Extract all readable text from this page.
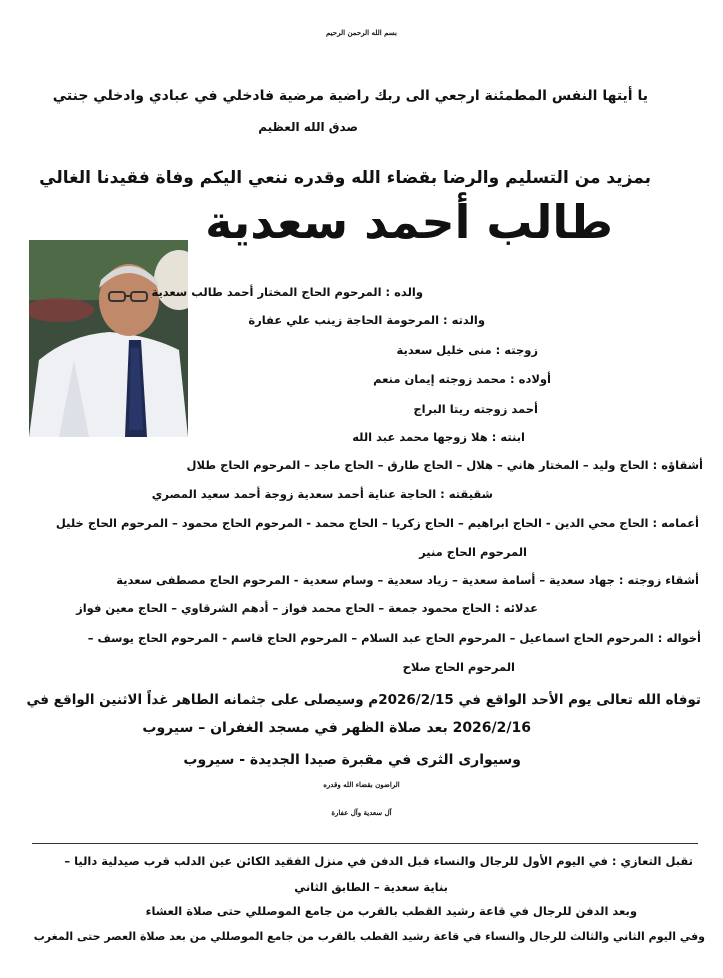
بسم الله الرحمن الرحيم
يا أيتها النفس المطمئنة ارجعي الى ربك راضية مرضية فادخلي في عبادي وادخلي جنتي
صدق الله العظيم
بمزيد من التسليم والرضا بقضاء الله وقدره ننعي اليكم وفاة فقيدنا الغالي
طالب أحمد سعدية
والده : المرحوم الحاج المختار أحمد طالب سعدية
والدته : المرحومة الحاجة زينب علي عفارة
زوجته : منى خليل سعدية
أولاده : محمد زوجته إيمان منعم
أحمد زوجته ريتا البراج
ابنته : هلا زوجها محمد عبد الله
أشقاؤه : الحاج وليد – المختار هاني – هلال – الحاج طارق – الحاج ماجد – المرحوم الحاج طلال
شقيقته : الحاجة عناية أحمد سعدية زوجة أحمد سعيد المصري
أعمامه : الحاج محي الدين - الحاج ابراهيم – الحاج زكريا – الحاج محمد - المرحوم الحاج محمود – المرحوم الحاج خليل
المرحوم الحاج منير
أشقاء زوجته : جهاد سعدية – أسامة سعدية – زياد سعدية – وسام سعدية - المرحوم الحاج مصطفى سعدية
عدلائه : الحاج محمود جمعة – الحاج محمد فواز – أدهم الشرقاوي – الحاج معين فواز
أخواله : المرحوم الحاج اسماعيل – المرحوم الحاج عبد السلام – المرحوم الحاج قاسم - المرحوم الحاج يوسف –
المرحوم الحاج صلاح
توفاه الله تعالى يوم الأحد الواقع في 2026/2/15م وسيصلى على جثمانه الطاهر غداً الاثنين الواقع في
2026/2/16 بعد صلاة الظهر في مسجد الغفران – سيروب
وسيوارى الثرى في مقبرة صيدا الجديدة - سيروب
الراضون بقضاء الله وقدره
آل سعدية وآل عفارة
تقبل التعازي : في اليوم الأول للرجال والنساء قبل الدفن في منزل الفقيد الكائن عين الدلب قرب صيدلية داليا –
بناية سعدية – الطابق الثاني
وبعد الدفن للرجال في قاعة رشيد القطب بالقرب من جامع الموصللي حتى صلاة العشاء
وفي اليوم الثاني والثالث للرجال والنساء في قاعة رشيد القطب بالقرب من جامع الموصللي من بعد صلاة العصر حتى المغرب
